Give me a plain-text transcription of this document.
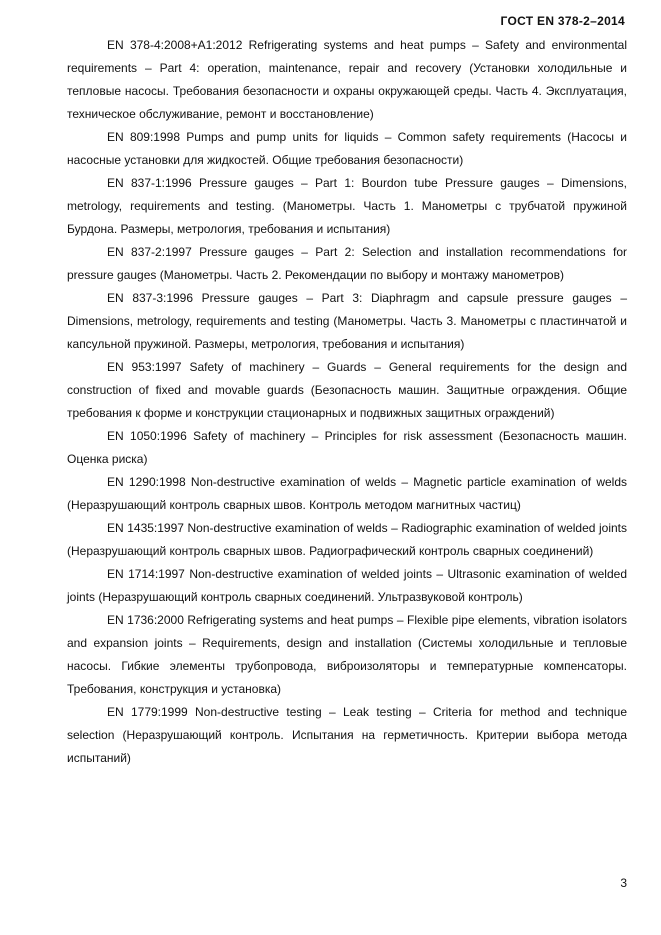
ГОСТ EN 378-2–2014

EN 378-4:2008+A1:2012 Refrigerating systems and heat pumps – Safety and environmental requirements – Part 4: operation, maintenance, repair and recovery (Установки холодильные и тепловые насосы. Требования безопасности и охраны окружающей среды. Часть 4. Эксплуатация, техническое обслуживание, ремонт и восстановление)

EN 809:1998 Pumps and pump units for liquids – Common safety requirements (Насосы и насосные установки для жидкостей. Общие требования безопасности)

EN 837-1:1996 Pressure gauges – Part 1: Bourdon tube Pressure gauges – Dimensions, metrology, requirements and testing. (Манометры. Часть 1. Манометры с трубчатой пружиной Бурдона. Размеры, метрология, требования и испытания)

EN 837-2:1997 Pressure gauges – Part 2: Selection and installation recommendations for pressure gauges (Манометры. Часть 2. Рекомендации по выбору и монтажу манометров)

EN 837-3:1996 Pressure gauges – Part 3: Diaphragm and capsule pressure gauges – Dimensions, metrology, requirements and testing (Манометры. Часть 3. Манометры с пластинчатой и капсульной пружиной. Размеры, метрология, требования и испытания)

EN 953:1997 Safety of machinery – Guards – General requirements for the design and construction of fixed and movable guards (Безопасность машин. Защитные ограждения. Общие требования к форме и конструкции стационарных и подвижных защитных ограждений)

EN 1050:1996 Safety of machinery – Principles for risk assessment (Безопасность машин. Оценка риска)

EN 1290:1998 Non-destructive examination of welds – Magnetic particle examination of welds (Неразрушающий контроль сварных швов. Контроль методом магнитных частиц)

EN 1435:1997 Non-destructive examination of welds – Radiographic examination of welded joints (Неразрушающий контроль сварных швов. Радиографический контроль сварных соединений)

EN 1714:1997 Non-destructive examination of welded joints – Ultrasonic examination of welded joints (Неразрушающий контроль сварных соединений. Ультразвуковой контроль)

EN 1736:2000 Refrigerating systems and heat pumps – Flexible pipe elements, vibration isolators and expansion joints – Requirements, design and installation (Системы холодильные и тепловые насосы. Гибкие элементы трубопровода, виброизоляторы и температурные компенсаторы. Требования, конструкция и установка)

EN 1779:1999 Non-destructive testing – Leak testing – Criteria for method and technique selection (Неразрушающий контроль. Испытания на герметичность. Критерии выбора метода испытаний)

3
